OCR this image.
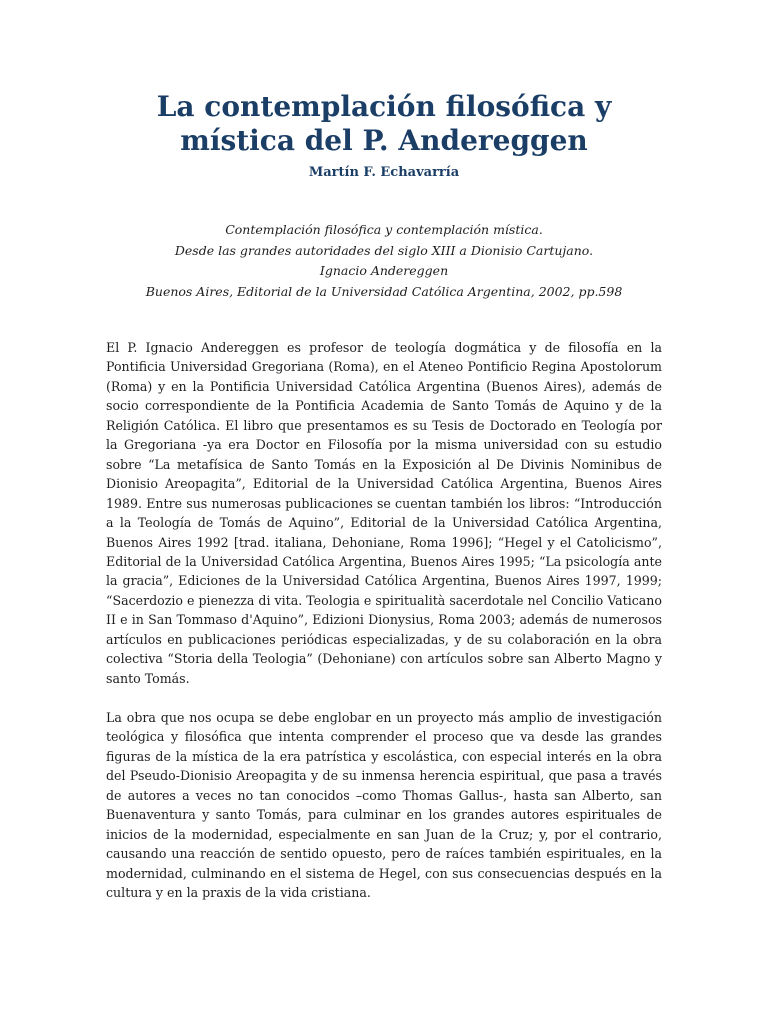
La contemplación filosófica y mística del P. Andereggen
Martín F. Echavarría
Contemplación filosófica y contemplación mística.
Desde las grandes autoridades del siglo XIII a Dionisio Cartujano.
Ignacio Andereggen
Buenos Aires, Editorial de la Universidad Católica Argentina, 2002, pp.598

El P. Ignacio Andereggen es profesor de teología dogmática y de filosofía en la Pontificia Universidad Gregoriana (Roma), en el Ateneo Pontificio Regina Apostolorum (Roma) y en la Pontificia Universidad Católica Argentina (Buenos Aires), además de socio correspondiente de la Pontificia Academia de Santo Tomás de Aquino y de la Religión Católica. El libro que presentamos es su Tesis de Doctorado en Teología por la Gregoriana -ya era Doctor en Filosofía por la misma universidad con su estudio sobre “La metafísica de Santo Tomás en la Exposición al De Divinis Nominibus de Dionisio Areopagita”, Editorial de la Universidad Católica Argentina, Buenos Aires 1989. Entre sus numerosas publicaciones se cuentan también los libros: “Introducción a la Teología de Tomás de Aquino”, Editorial de la Universidad Católica Argentina, Buenos Aires 1992 [trad. italiana, Dehoniane, Roma 1996]; “Hegel y el Catolicismo”, Editorial de la Universidad Católica Argentina, Buenos Aires 1995; “La psicología ante la gracia”, Ediciones de la Universidad Católica Argentina, Buenos Aires 1997, 1999; “Sacerdozio e pienezza di vita. Teologia e spiritualità sacerdotale nel Concilio Vaticano II e in San Tommaso d'Aquino”, Edizioni Dionysius, Roma 2003; además de numerosos artículos en publicaciones periódicas especializadas, y de su colaboración en la obra colectiva “Storia della Teologia” (Dehoniane) con artículos sobre san Alberto Magno y santo Tomás.

La obra que nos ocupa se debe englobar en un proyecto más amplio de investigación teológica y filosófica que intenta comprender el proceso que va desde las grandes figuras de la mística de la era patrística y escolástica, con especial interés en la obra del Pseudo-Dionisio Areopagita y de su inmensa herencia espiritual, que pasa a través de autores a veces no tan conocidos –como Thomas Gallus-, hasta san Alberto, san Buenaventura y santo Tomás, para culminar en los grandes autores espirituales de inicios de la modernidad, especialmente en san Juan de la Cruz; y, por el contrario, causando una reacción de sentido opuesto, pero de raíces también espirituales, en la modernidad, culminando en el sistema de Hegel, con sus consecuencias después en la cultura y en la praxis de la vida cristiana.
